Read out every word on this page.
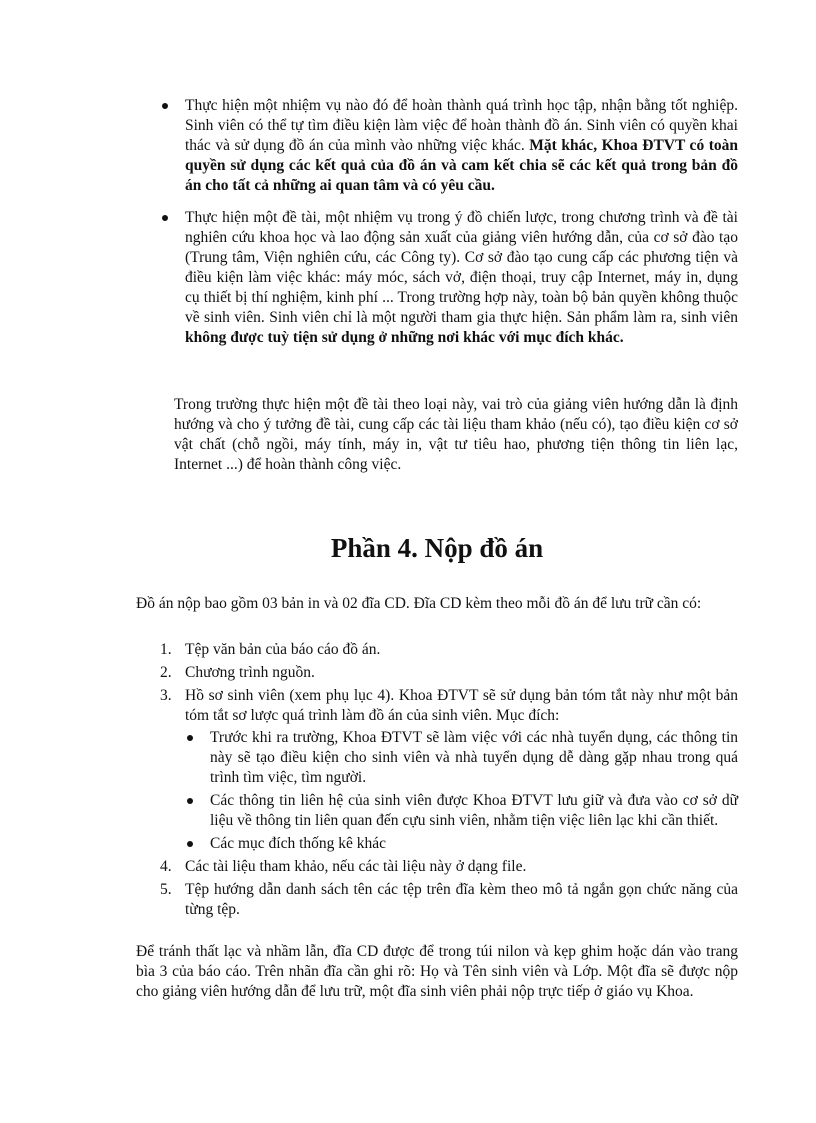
Thực hiện một nhiệm vụ nào đó để hoàn thành quá trình học tập, nhận bằng tốt nghiệp. Sinh viên có thể tự tìm điều kiện làm việc để hoàn thành đồ án. Sinh viên có quyền khai thác và sử dụng đồ án của mình vào những việc khác. Mặt khác, Khoa ĐTVT có toàn quyền sử dụng các kết quả của đồ án và cam kết chia sẽ các kết quả trong bản đồ án cho tất cả những ai quan tâm và có yêu cầu.
Thực hiện một đề tài, một nhiệm vụ trong ý đồ chiến lược, trong chương trình và đề tài nghiên cứu khoa học và lao động sản xuất của giảng viên hướng dẫn, của cơ sở đào tạo (Trung tâm, Viện nghiên cứu, các Công ty). Cơ sở đào tạo cung cấp các phương tiện và điều kiện làm việc khác: máy móc, sách vở, điện thoại, truy cập Internet, máy in, dụng cụ thiết bị thí nghiệm, kinh phí ... Trong trường hợp này, toàn bộ bản quyền không thuộc về sinh viên. Sinh viên chỉ là một người tham gia thực hiện. Sản phẩm làm ra, sinh viên không được tuỳ tiện sử dụng ở những nơi khác với mục đích khác.

Trong trường thực hiện một đề tài theo loại này, vai trò của giảng viên hướng dẫn là định hướng và cho ý tưởng đề tài, cung cấp các tài liệu tham khảo (nếu có), tạo điều kiện cơ sở vật chất (chỗ ngồi, máy tính, máy in, vật tư tiêu hao, phương tiện thông tin liên lạc, Internet ...) để hoàn thành công việc.

Phần 4. Nộp đồ án

Đồ án nộp bao gồm 03 bản in và 02 đĩa CD. Đĩa CD kèm theo mỗi đồ án để lưu trữ cần có:

1. Tệp văn bản của báo cáo đồ án.
2. Chương trình nguồn.
3. Hồ sơ sinh viên (xem phụ lục 4). Khoa ĐTVT sẽ sử dụng bản tóm tắt này như một bản tóm tắt sơ lược quá trình làm đồ án của sinh viên. Mục đích:
Trước khi ra trường, Khoa ĐTVT sẽ làm việc với các nhà tuyển dụng, các thông tin này sẽ tạo điều kiện cho sinh viên và nhà tuyển dụng dễ dàng gặp nhau trong quá trình tìm việc, tìm người.
Các thông tin liên hệ của sinh viên được Khoa ĐTVT lưu giữ và đưa vào cơ sở dữ liệu về thông tin liên quan đến cựu sinh viên, nhằm tiện việc liên lạc khi cần thiết.
Các mục đích thống kê khác
4. Các tài liệu tham khảo, nếu các tài liệu này ở dạng file.
5. Tệp hướng dẫn danh sách tên các tệp trên đĩa kèm theo mô tả ngắn gọn chức năng của từng tệp.

Để tránh thất lạc và nhầm lẫn, đĩa CD được để trong túi nilon và kẹp ghim hoặc dán vào trang bìa 3 của báo cáo. Trên nhãn đĩa cần ghi rõ: Họ và Tên sinh viên và Lớp. Một đĩa sẽ được nộp cho giảng viên hướng dẫn để lưu trữ, một đĩa sinh viên phải nộp trực tiếp ở giáo vụ Khoa.
